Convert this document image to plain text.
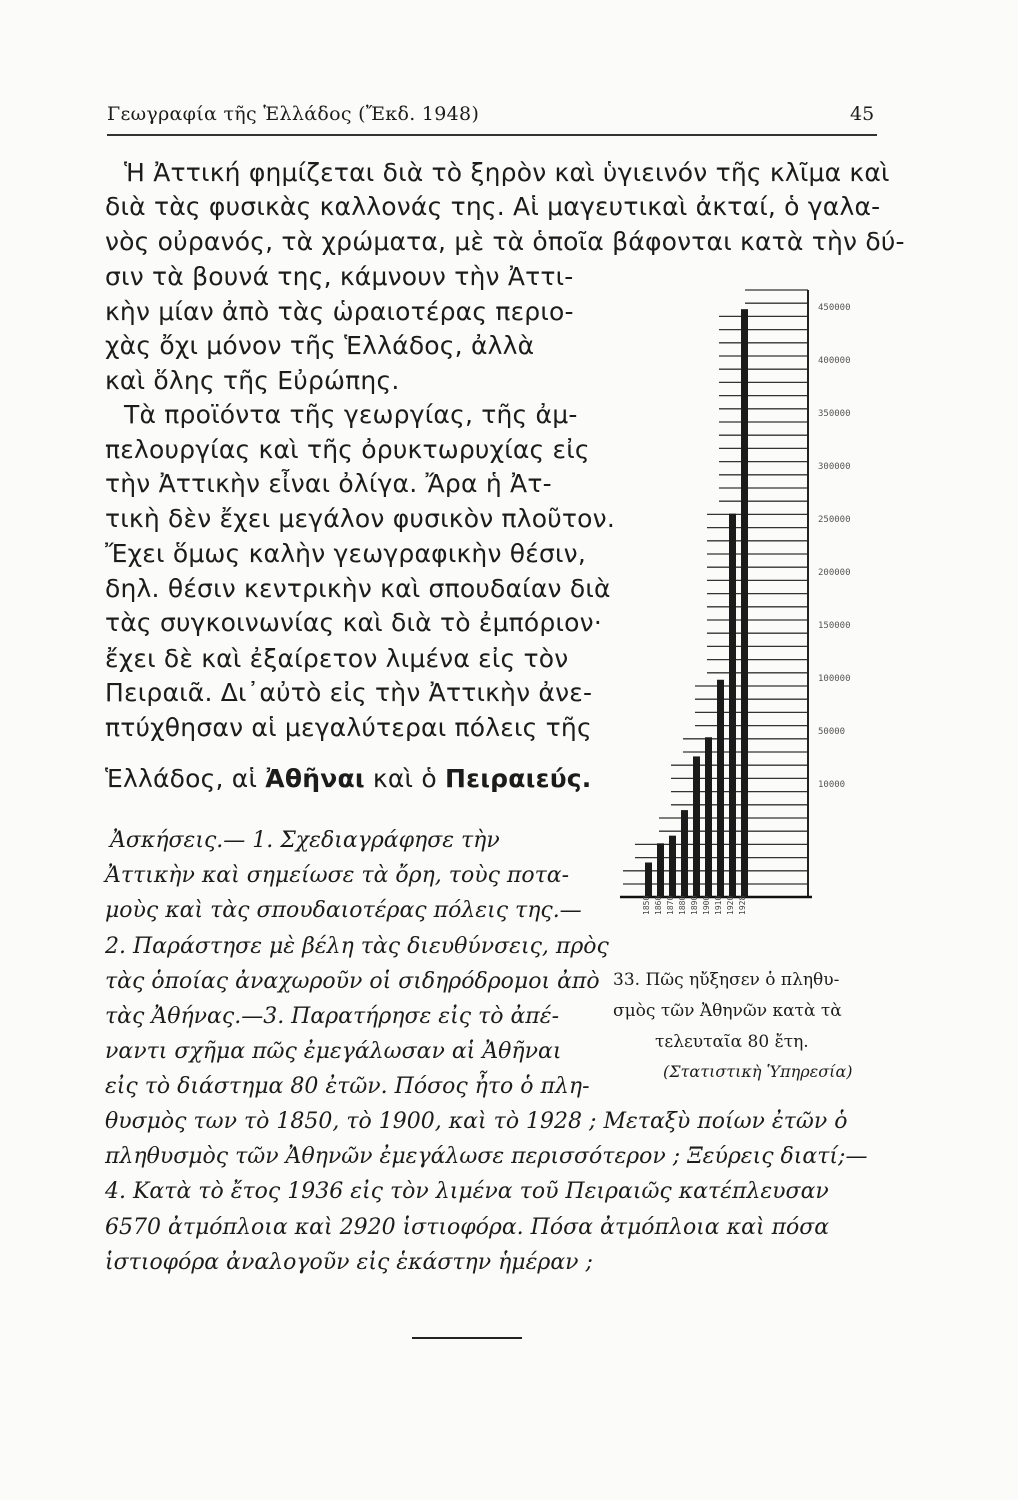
Γεωγραφία τῆς Ἑλλάδος (Ἔκδ. 1948)	45
Ἡ Ἀττική φημίζεται διὰ τὸ ξηρὸν καὶ ὑγιεινόν τῆς κλῖμα καὶ
διὰ τὰς φυσικὰς καλλονάς της. Αἱ μαγευτικαὶ ἀκταί, ὁ γαλα-
νὸς οὐρανός, τὰ χρώματα, μὲ τὰ ὁποῖα βάφονται κατὰ τὴν δύ-
σιν τὰ βουνά της, κάμνουν τὴν Ἀττι-
κὴν μίαν ἀπὸ τὰς ὡραιοτέρας περιο-
χὰς ὄχι μόνον τῆς Ἑλλάδος, ἀλλὰ
καὶ ὅλης τῆς Εὐρώπης.
Τὰ προϊόντα τῆς γεωργίας, τῆς ἀμ-
πελουργίας καὶ τῆς ὀρυκτωρυχίας εἰς
τὴν Ἀττικὴν εἶναι ὀλίγα. Ἄρα ἡ Ἀτ-
τικὴ δὲν ἔχει μεγάλον φυσικὸν πλοῦτον.
Ἔχει ὅμως καλὴν γεωγραφικὴν θέσιν,
δηλ. θέσιν κεντρικὴν καὶ σπουδαίαν διὰ
τὰς συγκοινωνίας καὶ διὰ τὸ ἐμπόριον·
ἔχει δὲ καὶ ἐξαίρετον λιμένα εἰς τὸν
Πειραιᾶ. Δι᾽αὐτὸ εἰς τὴν Ἀττικὴν ἀνε-
πτύχθησαν αἱ μεγαλύτεραι πόλεις τῆς
Ἑλλάδος, αἱ Ἀθῆναι καὶ ὁ Πειραιεύς.
Ἀσκήσεις.— 1. Σχεδιαγράφησε τὴν
Ἀττικὴν καὶ σημείωσε τὰ ὄρη, τοὺς ποτα-
μοὺς καὶ τὰς σπουδαιοτέρας πόλεις της.—
2. Παράστησε μὲ βέλη τὰς διευθύνσεις, πρὸς
τὰς ὁποίας ἀναχωροῦν οἱ σιδηρόδρομοι ἀπὸ
τὰς Ἀθήνας.—3. Παρατήρησε εἰς τὸ ἀπέ-
ναντι σχῆμα πῶς ἐμεγάλωσαν αἱ Ἀθῆναι
εἰς τὸ διάστημα 80 ἐτῶν. Πόσος ἦτο ὁ πλη-
θυσμὸς των τὸ 1850, τὸ 1900, καὶ τὸ 1928 ; Μεταξὺ ποίων ἐτῶν ὁ
πληθυσμὸς τῶν Ἀθηνῶν ἐμεγάλωσε περισσότερον ; Ξεύρεις διατί;—
4. Κατὰ τὸ ἔτος 1936 εἰς τὸν λιμένα τοῦ Πειραιῶς κατέπλευσαν
6570 ἀτμόπλοια καὶ 2920 ἱστιοφόρα. Πόσα ἀτμόπλοια καὶ πόσα
ἱστιοφόρα ἀναλογοῦν εἰς ἑκάστην ἡμέραν ;
450000
400000
350000
300000
250000
200000
150000
100000
50000
10000
1850 1860 1870 1880 1890 1900 1910 1920 1928
33. Πῶς ηὔξησεν ὁ πληθυ-
σμὸς τῶν Ἀθηνῶν κατὰ τὰ
τελευταῖα 80 ἔτη.
(Στατιστικὴ Ὑπηρεσία)
